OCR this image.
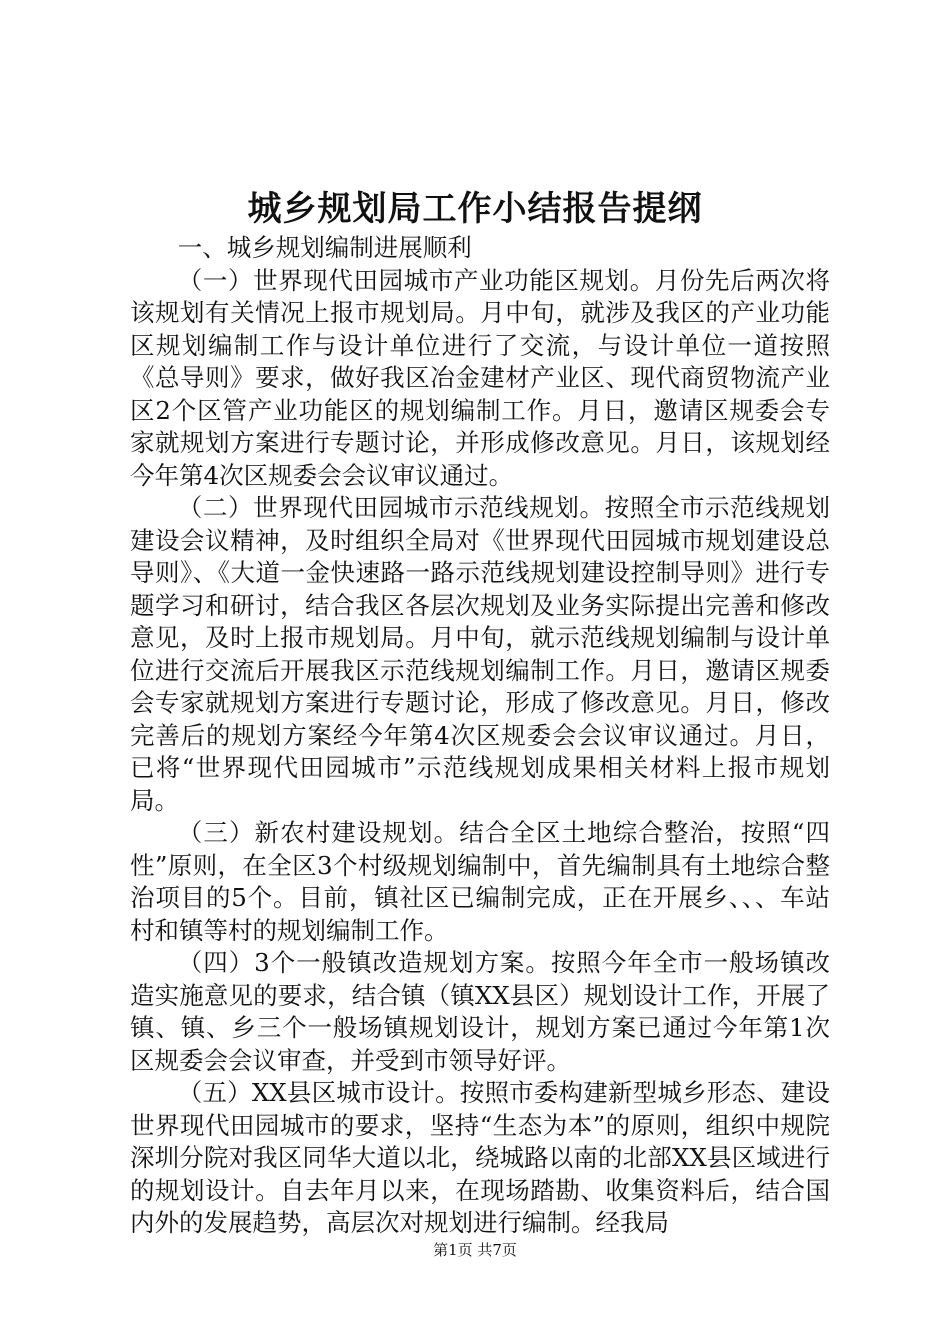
城乡规划局工作小结报告提纲

一、城乡规划编制进展顺利

（一）世界现代田园城市产业功能区规划。月份先后两次将该规划有关情况上报市规划局。月中旬，就涉及我区的产业功能区规划编制工作与设计单位进行了交流，与设计单位一道按照《总导则》要求，做好我区冶金建材产业区、现代商贸物流产业区2个区管产业功能区的规划编制工作。月日，邀请区规委会专家就规划方案进行专题讨论，并形成修改意见。月日，该规划经今年第4次区规委会会议审议通过。

（二）世界现代田园城市示范线规划。按照全市示范线规划建设会议精神，及时组织全局对《世界现代田园城市规划建设总导则》、《大道一金快速路一路示范线规划建设控制导则》进行专题学习和研讨，结合我区各层次规划及业务实际提出完善和修改意见，及时上报市规划局。月中旬，就示范线规划编制与设计单位进行交流后开展我区示范线规划编制工作。月日，邀请区规委会专家就规划方案进行专题讨论，形成了修改意见。月日，修改完善后的规划方案经今年第4次区规委会会议审议通过。月日，已将“世界现代田园城市”示范线规划成果相关材料上报市规划局。

（三）新农村建设规划。结合全区土地综合整治，按照“四性”原则，在全区3个村级规划编制中，首先编制具有土地综合整治项目的5个。目前，镇社区已编制完成，正在开展乡、、、车站村和镇等村的规划编制工作。

（四）3个一般镇改造规划方案。按照今年全市一般场镇改造实施意见的要求，结合镇（镇XX县区）规划设计工作，开展了镇、镇、乡三个一般场镇规划设计，规划方案已通过今年第1次区规委会会议审查，并受到市领导好评。

（五）XX县区城市设计。按照市委构建新型城乡形态、建设世界现代田园城市的要求，坚持“生态为本”的原则，组织中规院深圳分院对我区同华大道以北，绕城路以南的北部XX县区域进行的规划设计。自去年月以来，在现场踏勘、收集资料后，结合国内外的发展趋势，高层次对规划进行编制。经我局

第1页 共7页
